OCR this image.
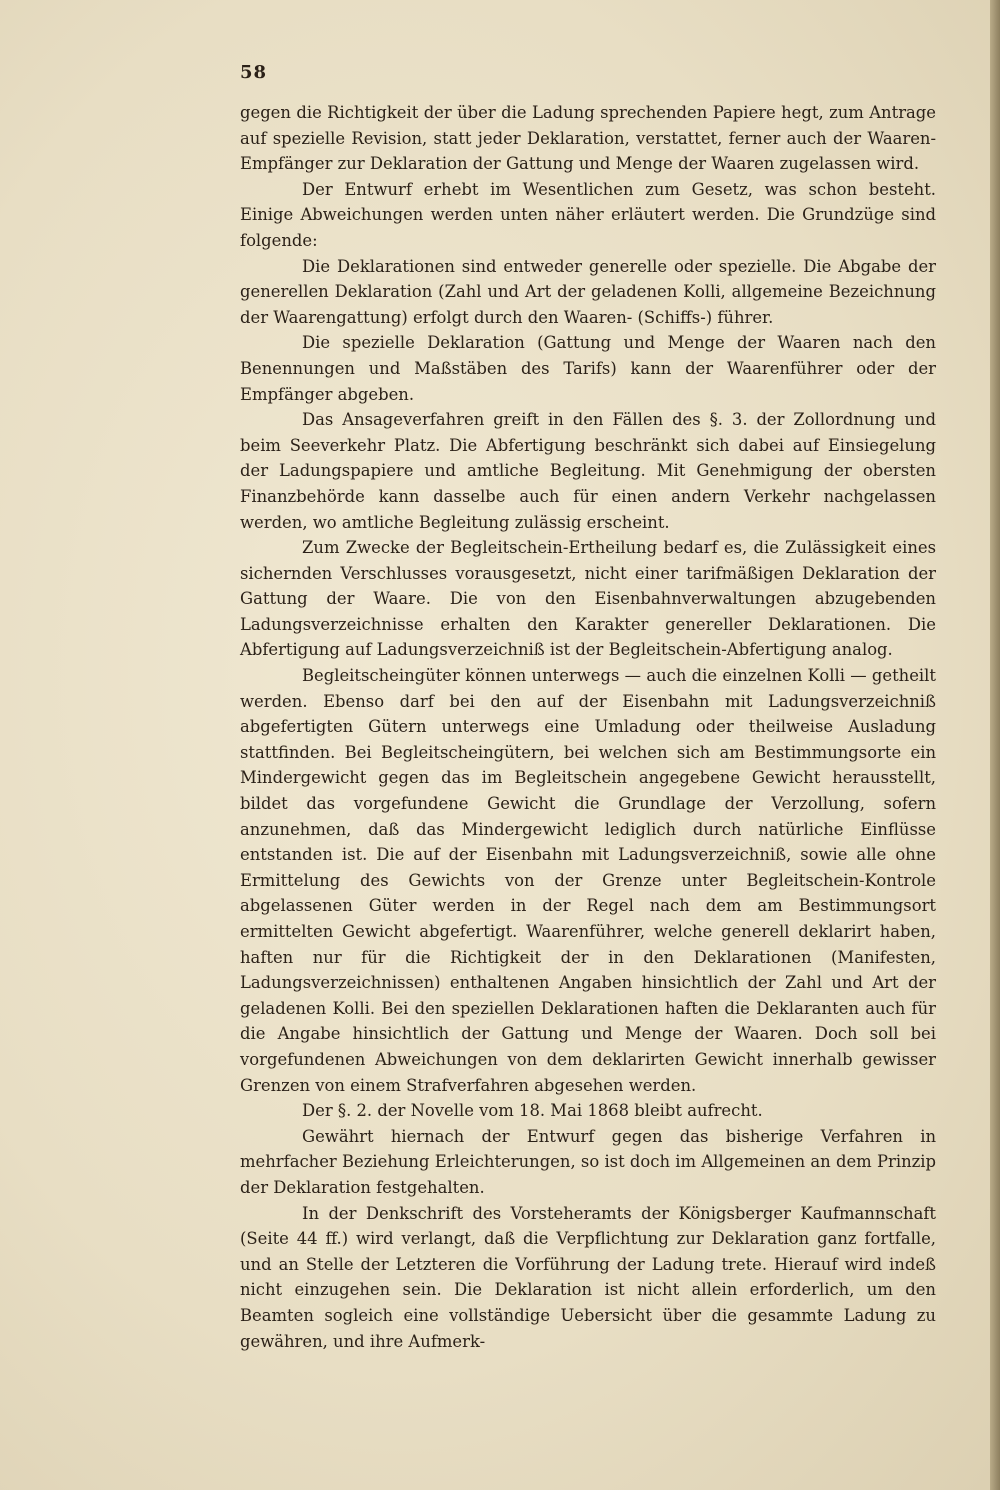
58

gegen die Richtigkeit der über die Ladung sprechenden Papiere hegt, zum Antrage auf spezielle Revision, statt jeder Deklaration, verstattet, ferner auch der Waaren-Empfänger zur Deklaration der Gattung und Menge der Waaren zugelassen wird.

Der Entwurf erhebt im Wesentlichen zum Gesetz, was schon besteht. Einige Abweichungen werden unten näher erläutert werden. Die Grundzüge sind folgende:

Die Deklarationen sind entweder generelle oder spezielle. Die Abgabe der generellen Deklaration (Zahl und Art der geladenen Kolli, allgemeine Bezeichnung der Waarengattung) erfolgt durch den Waaren- (Schiffs-) führer.

Die spezielle Deklaration (Gattung und Menge der Waaren nach den Benennungen und Maßstäben des Tarifs) kann der Waarenführer oder der Empfänger abgeben.

Das Ansageverfahren greift in den Fällen des §. 3. der Zollordnung und beim Seeverkehr Platz. Die Abfertigung beschränkt sich dabei auf Einsiegelung der Ladungspapiere und amtliche Begleitung. Mit Genehmigung der obersten Finanzbehörde kann dasselbe auch für einen andern Verkehr nachgelassen werden, wo amtliche Begleitung zulässig erscheint.

Zum Zwecke der Begleitschein-Ertheilung bedarf es, die Zulässigkeit eines sichernden Verschlusses vorausgesetzt, nicht einer tarifmäßigen Deklaration der Gattung der Waare. Die von den Eisenbahnverwaltungen abzugebenden Ladungsverzeichnisse erhalten den Karakter genereller Deklarationen. Die Abfertigung auf Ladungsverzeichniß ist der Begleitschein-Abfertigung analog.

Begleitscheingüter können unterwegs — auch die einzelnen Kolli — getheilt werden. Ebenso darf bei den auf der Eisenbahn mit Ladungsverzeichniß abgefertigten Gütern unterwegs eine Umladung oder theilweise Ausladung stattfinden. Bei Begleitscheingütern, bei welchen sich am Bestimmungsorte ein Mindergewicht gegen das im Begleitschein angegebene Gewicht herausstellt, bildet das vorgefundene Gewicht die Grundlage der Verzollung, sofern anzunehmen, daß das Mindergewicht lediglich durch natürliche Einflüsse entstanden ist. Die auf der Eisenbahn mit Ladungsverzeichniß, sowie alle ohne Ermittelung des Gewichts von der Grenze unter Begleitschein-Kontrole abgelassenen Güter werden in der Regel nach dem am Bestimmungsort ermittelten Gewicht abgefertigt. Waarenführer, welche generell deklarirt haben, haften nur für die Richtigkeit der in den Deklarationen (Manifesten, Ladungsverzeichnissen) enthaltenen Angaben hinsichtlich der Zahl und Art der geladenen Kolli. Bei den speziellen Deklarationen haften die Deklaranten auch für die Angabe hinsichtlich der Gattung und Menge der Waaren. Doch soll bei vorgefundenen Abweichungen von dem deklarirten Gewicht innerhalb gewisser Grenzen von einem Strafverfahren abgesehen werden.

Der §. 2. der Novelle vom 18. Mai 1868 bleibt aufrecht.

Gewährt hiernach der Entwurf gegen das bisherige Verfahren in mehrfacher Beziehung Erleichterungen, so ist doch im Allgemeinen an dem Prinzip der Deklaration festgehalten.

In der Denkschrift des Vorsteheramts der Königsberger Kaufmannschaft (Seite 44 ff.) wird verlangt, daß die Verpflichtung zur Deklaration ganz fortfalle, und an Stelle der Letzteren die Vorführung der Ladung trete. Hierauf wird indeß nicht einzugehen sein. Die Deklaration ist nicht allein erforderlich, um den Beamten sogleich eine vollständige Uebersicht über die gesammte Ladung zu gewähren, und ihre Aufmerk-
